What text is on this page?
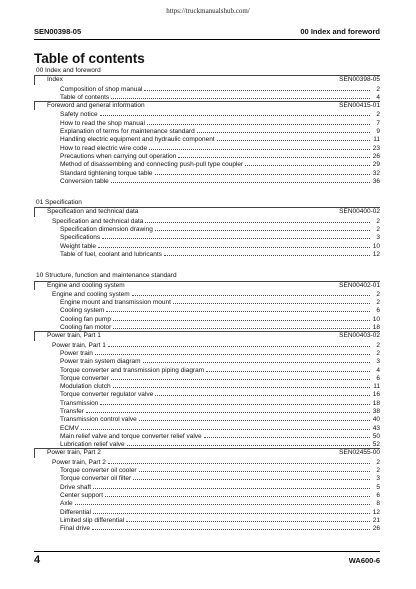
https://truckmanualshub.com/
SEN00398-05	00 Index and foreword
Table of contents
00 Index and foreword
Index	SEN00398-05
Composition of shop manual	2
Table of contents	4
Foreword and general information	SEN00415-01
Safety notice	2
How to read the shop manual	7
Explanation of terms for maintenance standard	9
Handling electric equipment and hydraulic component	11
How to read electric wire code	23
Precautions when carrying out operation	26
Method of disassembling and connecting push-pull type coupler	29
Standard tightening torque table	32
Conversion table	36
01 Specification
Specification and technical data	SEN00400-02
Specification and technical data	2
Specification dimension drawing	2
Specifications	3
Weight table	10
Table of fuel, coolant and lubricants	12
10 Structure, function and maintenance standard
Engine and cooling system	SEN00402-01
Engine and cooling system	2
Engine mount and transmission mount	2
Cooling system	6
Cooling fan pump	10
Cooling fan motor	18
Power train, Part 1	SEN00403-02
Power train, Part 1	2
Power train	2
Power train system diagram	3
Torque converter and transmission piping diagram	4
Torque converter	6
Modulation clutch	11
Torque converter regulator valve	16
Transmission	18
Transfer	38
Transmission control valve	40
ECMV	43
Main relief valve and torque converter relief valve	50
Lubrication relief valve	52
Power train, Part 2	SEN02455-00
Power train, Part 2	2
Torque converter oil cooler	2
Torque converter oil filter	3
Drive shaft	5
Center support	6
Axle	8
Differential	12
Limited slip differential	21
Final drive	26
4	WA600-6
